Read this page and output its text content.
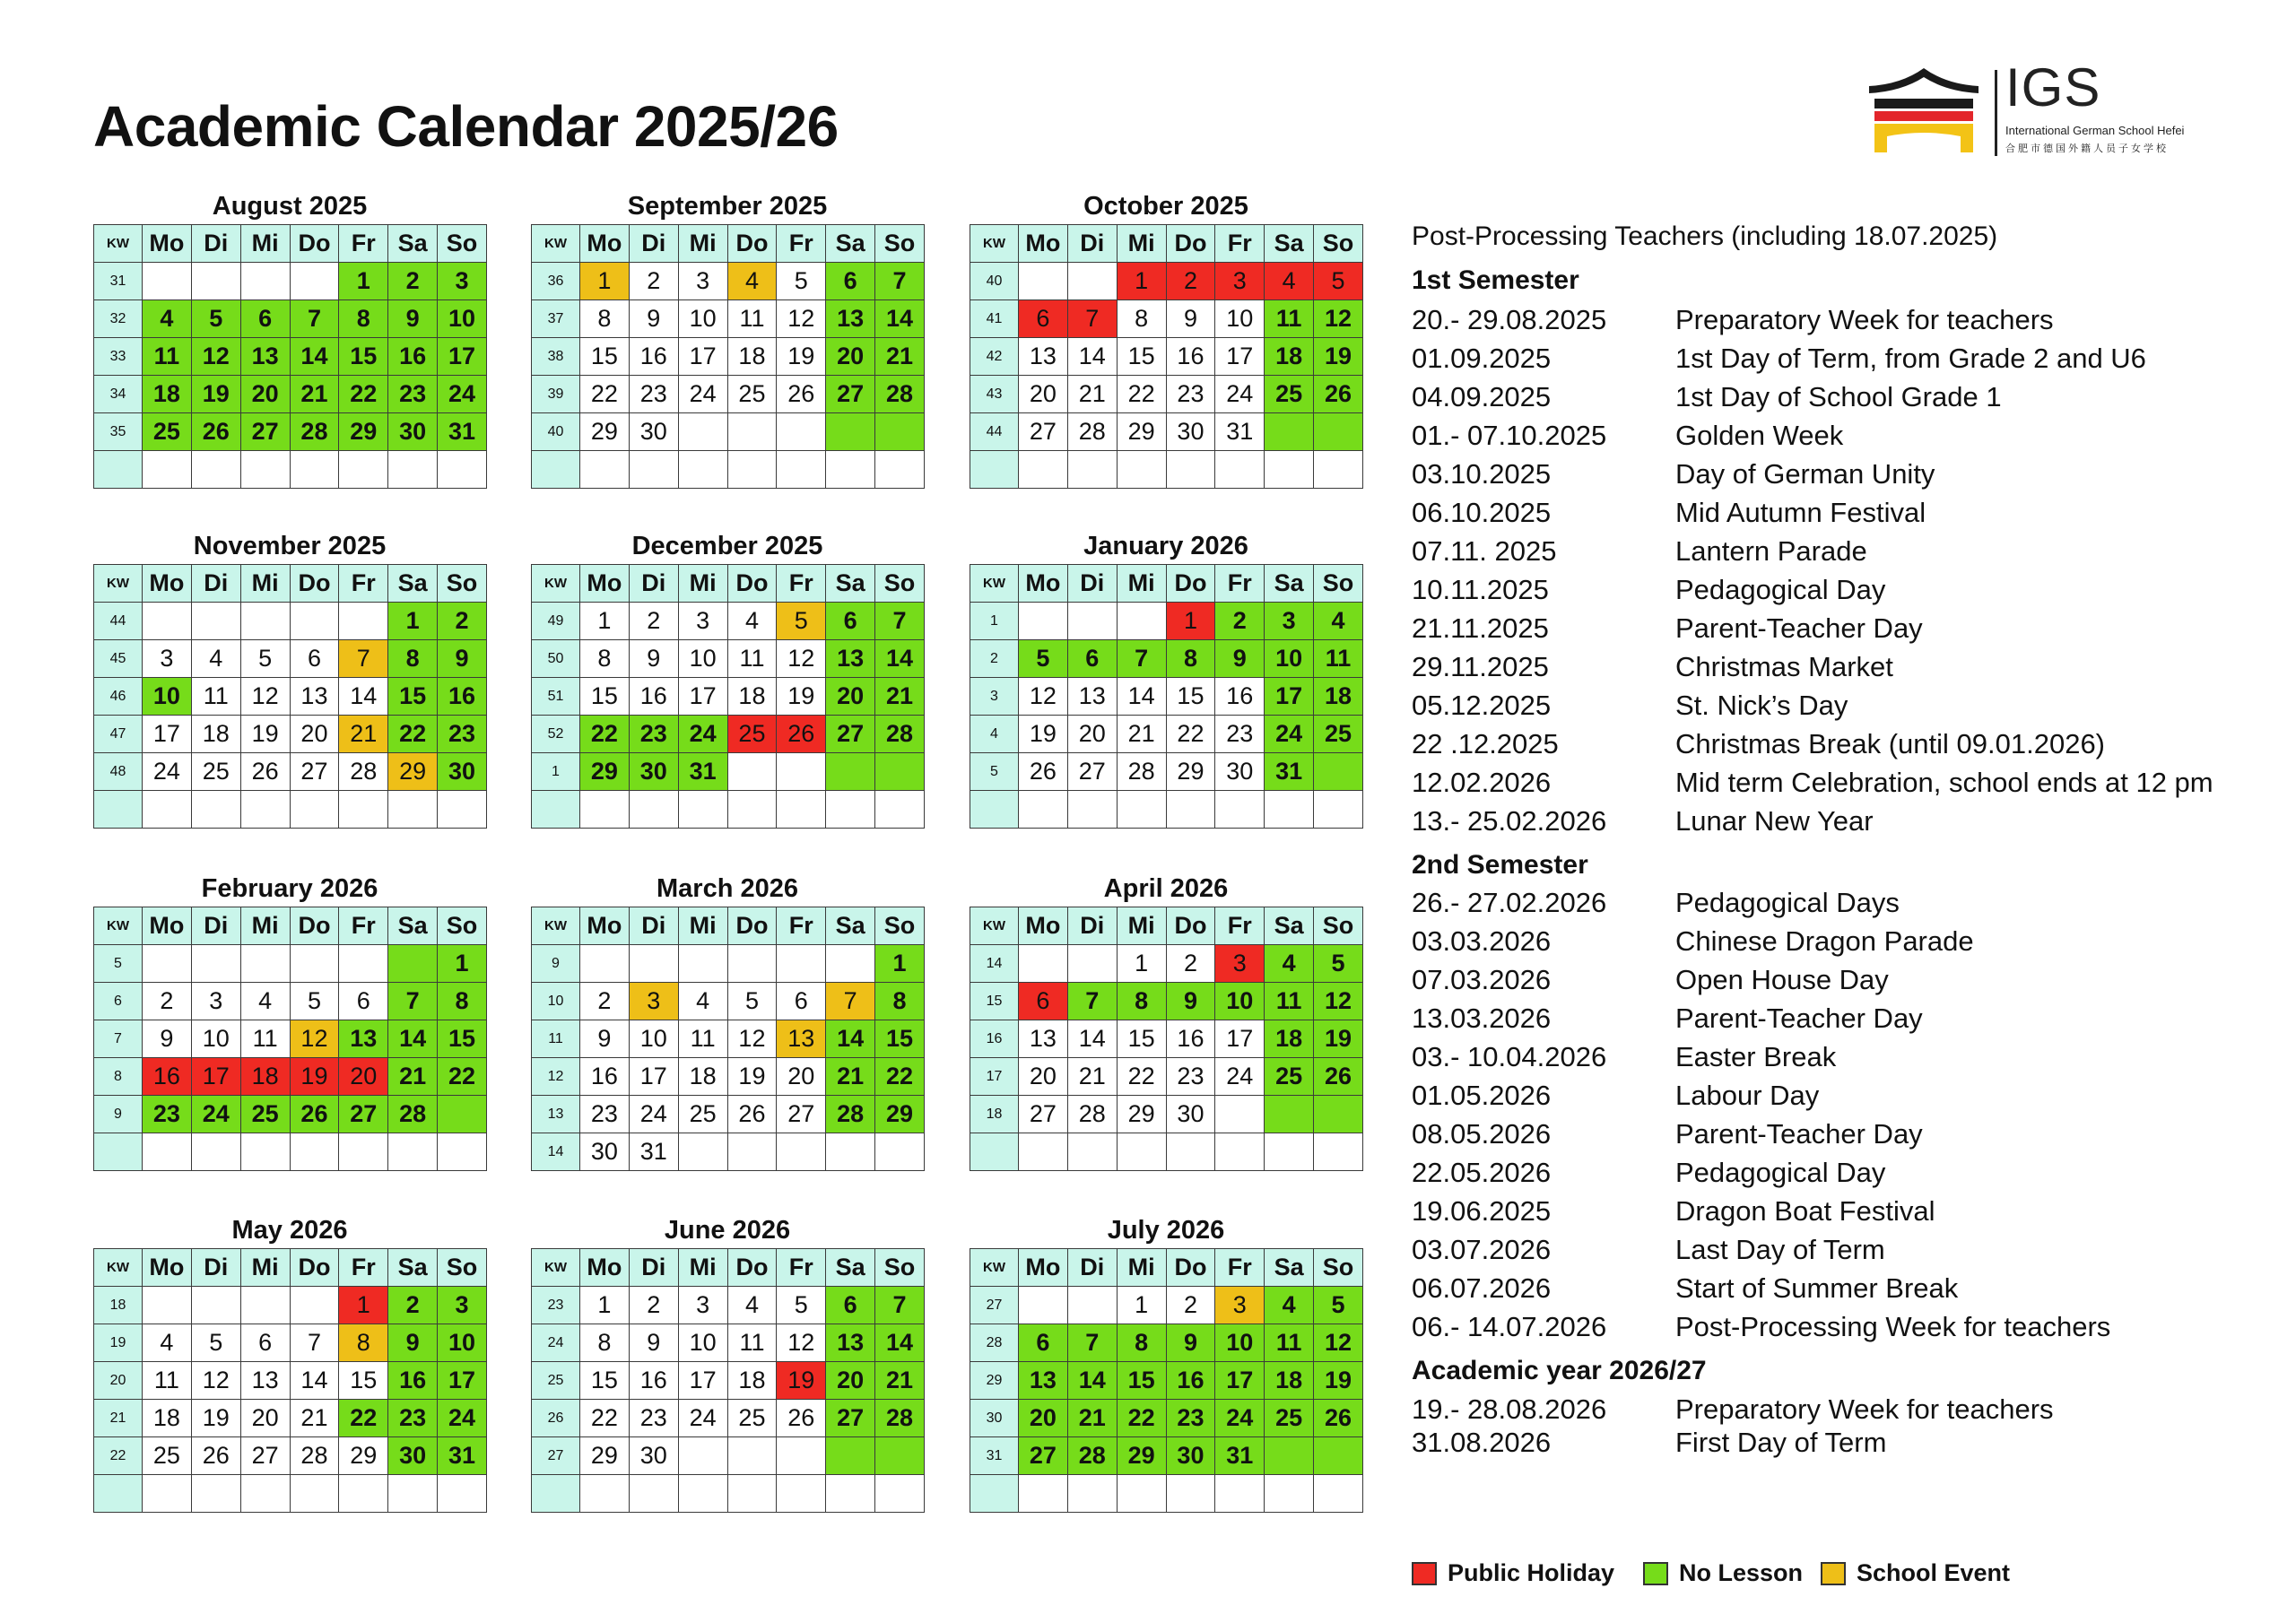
Academic Calendar 2025/26
IGS
International German School Hefei
合肥市德国外籍人员子女学校
August 2025
KW	Mo	Di	Mi	Do	Fr	Sa	So
31					1	2	3
32	4	5	6	7	8	9	10
33	11	12	13	14	15	16	17
34	18	19	20	21	22	23	24
35	25	26	27	28	29	30	31

September 2025
KW	Mo	Di	Mi	Do	Fr	Sa	So
36	1	2	3	4	5	6	7
37	8	9	10	11	12	13	14
38	15	16	17	18	19	20	21
39	22	23	24	25	26	27	28
40	29	30					

October 2025
KW	Mo	Di	Mi	Do	Fr	Sa	So
40			1	2	3	4	5
41	6	7	8	9	10	11	12
42	13	14	15	16	17	18	19
43	20	21	22	23	24	25	26
44	27	28	29	30	31		

November 2025
KW	Mo	Di	Mi	Do	Fr	Sa	So
44						1	2
45	3	4	5	6	7	8	9
46	10	11	12	13	14	15	16
47	17	18	19	20	21	22	23
48	24	25	26	27	28	29	30

December 2025
KW	Mo	Di	Mi	Do	Fr	Sa	So
49	1	2	3	4	5	6	7
50	8	9	10	11	12	13	14
51	15	16	17	18	19	20	21
52	22	23	24	25	26	27	28
1	29	30	31				

January 2026
KW	Mo	Di	Mi	Do	Fr	Sa	So
1				1	2	3	4
2	5	6	7	8	9	10	11
3	12	13	14	15	16	17	18
4	19	20	21	22	23	24	25
5	26	27	28	29	30	31	

February 2026
KW	Mo	Di	Mi	Do	Fr	Sa	So
5							1
6	2	3	4	5	6	7	8
7	9	10	11	12	13	14	15
8	16	17	18	19	20	21	22
9	23	24	25	26	27	28	

March 2026
KW	Mo	Di	Mi	Do	Fr	Sa	So
9							1
10	2	3	4	5	6	7	8
11	9	10	11	12	13	14	15
12	16	17	18	19	20	21	22
13	23	24	25	26	27	28	29
14	30	31					
April 2026
KW	Mo	Di	Mi	Do	Fr	Sa	So
14			1	2	3	4	5
15	6	7	8	9	10	11	12
16	13	14	15	16	17	18	19
17	20	21	22	23	24	25	26
18	27	28	29	30			

May 2026
KW	Mo	Di	Mi	Do	Fr	Sa	So
18					1	2	3
19	4	5	6	7	8	9	10
20	11	12	13	14	15	16	17
21	18	19	20	21	22	23	24
22	25	26	27	28	29	30	31

June 2026
KW	Mo	Di	Mi	Do	Fr	Sa	So
23	1	2	3	4	5	6	7
24	8	9	10	11	12	13	14
25	15	16	17	18	19	20	21
26	22	23	24	25	26	27	28
27	29	30					

July 2026
KW	Mo	Di	Mi	Do	Fr	Sa	So
27			1	2	3	4	5
28	6	7	8	9	10	11	12
29	13	14	15	16	17	18	19
30	20	21	22	23	24	25	26
31	27	28	29	30	31		

Post-Processing Teachers (including 18.07.2025)
1st Semester
20.- 29.08.2025 Preparatory Week for teachers
01.09.2025	1st Day of Term, from Grade 2 and U6
04.09.2025	1st Day of School Grade 1
01.- 07.10.2025 Golden Week
03.10.2025	Day of German Unity
06.10.2025	Mid Autumn Festival
07.11. 2025	Lantern Parade
10.11.2025	Pedagogical Day
21.11.2025	Parent-Teacher Day
29.11.2025	Christmas Market
05.12.2025	St. Nick’s Day
22 .12.2025	Christmas Break (until 09.01.2026)
12.02.2026	Mid term Celebration, school ends at 12 pm
13.- 25.02.2026 Lunar New Year
2nd Semester
26.- 27.02.2026 Pedagogical Days
03.03.2026	Chinese Dragon Parade
07.03.2026	Open House Day
13.03.2026	Parent-Teacher Day
03.- 10.04.2026 Easter Break
01.05.2026	Labour Day
08.05.2026	Parent-Teacher Day
22.05.2026	Pedagogical Day
19.06.2025	Dragon Boat Festival
03.07.2026	Last Day of Term
06.07.2026	Start of Summer Break
06.- 14.07.2026 Post-Processing Week for teachers
Academic year 2026/27
19.- 28.08.2026 Preparatory Week for teachers
31.08.2026	First Day of Term
Public Holiday	No Lesson School Event
